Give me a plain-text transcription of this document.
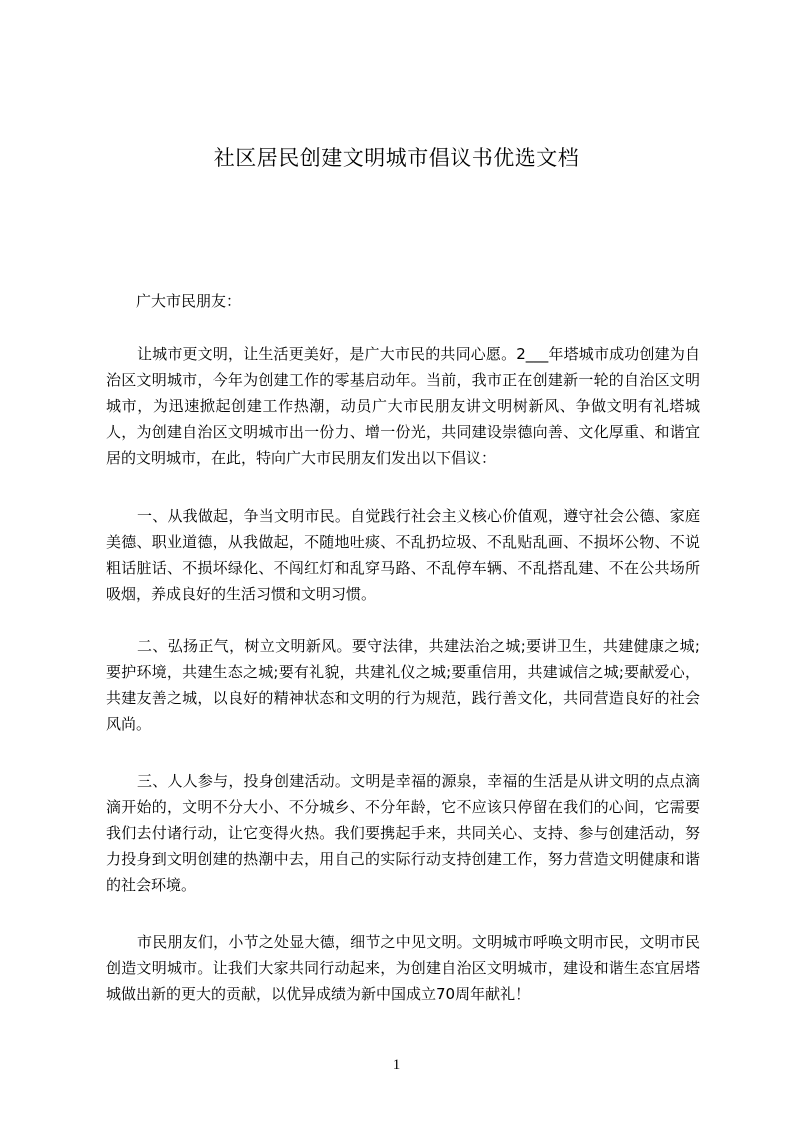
社区居民创建文明城市倡议书优选文档

广大市民朋友：

让城市更文明，让生活更美好，是广大市民的共同心愿。2___年塔城市成功创建为自治区文明城市，今年为创建工作的零基启动年。当前，我市正在创建新一轮的自治区文明城市，为迅速掀起创建工作热潮，动员广大市民朋友讲文明树新风、争做文明有礼塔城人，为创建自治区文明城市出一份力、增一份光，共同建设崇德向善、文化厚重、和谐宜居的文明城市，在此，特向广大市民朋友们发出以下倡议：

一、从我做起，争当文明市民。自觉践行社会主义核心价值观，遵守社会公德、家庭美德、职业道德，从我做起，不随地吐痰、不乱扔垃圾、不乱贴乱画、不损坏公物、不说粗话脏话、不损坏绿化、不闯红灯和乱穿马路、不乱停车辆、不乱搭乱建、不在公共场所吸烟，养成良好的生活习惯和文明习惯。

二、弘扬正气，树立文明新风。要守法律，共建法治之城;要讲卫生，共建健康之城;要护环境，共建生态之城;要有礼貌，共建礼仪之城;要重信用，共建诚信之城;要献爱心，共建友善之城，以良好的精神状态和文明的行为规范，践行善文化，共同营造良好的社会风尚。

三、人人参与，投身创建活动。文明是幸福的源泉，幸福的生活是从讲文明的点点滴滴开始的，文明不分大小、不分城乡、不分年龄，它不应该只停留在我们的心间，它需要我们去付诸行动，让它变得火热。我们要携起手来，共同关心、支持、参与创建活动，努力投身到文明创建的热潮中去，用自己的实际行动支持创建工作，努力营造文明健康和谐的社会环境。

市民朋友们，小节之处显大德，细节之中见文明。文明城市呼唤文明市民，文明市民创造文明城市。让我们大家共同行动起来，为创建自治区文明城市，建设和谐生态宜居塔城做出新的更大的贡献，以优异成绩为新中国成立70周年献礼！

1
